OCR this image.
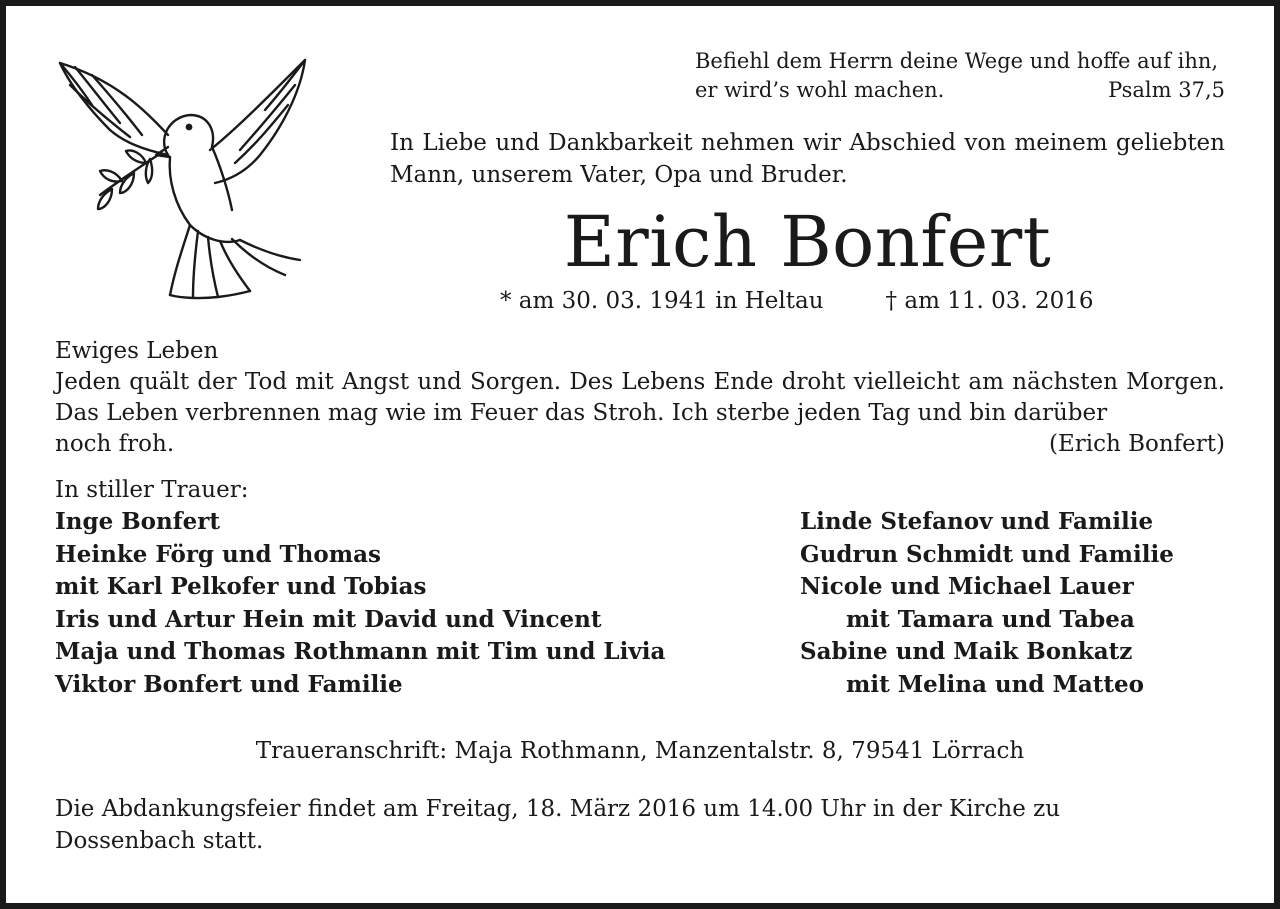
Befiehl dem Herrn deine Wege und hoffe auf ihn,
er wird’s wohl machen.	Psalm 37,5
In Liebe und Dankbarkeit nehmen wir Abschied von meinem geliebten Mann, unserem Vater, Opa und Bruder.
Erich Bonfert
* am 30. 03. 1941 in Heltau	† am 11. 03. 2016
Ewiges Leben
Jeden quält der Tod mit Angst und Sorgen. Des Lebens Ende droht vielleicht am nächsten Morgen. Das Leben verbrennen mag wie im Feuer das Stroh. Ich sterbe jeden Tag und bin darüber
noch froh.	(Erich Bonfert)
In stiller Trauer:
Inge Bonfert
Heinke Förg und Thomas
mit Karl Pelkofer und Tobias
Iris und Artur Hein mit David und Vincent
Maja und Thomas Rothmann mit Tim und Livia
Viktor Bonfert und Familie
Linde Stefanov und Familie
Gudrun Schmidt und Familie
Nicole und Michael Lauer
mit Tamara und Tabea
Sabine und Maik Bonkatz
mit Melina und Matteo
Traueranschrift: Maja Rothmann, Manzentalstr. 8, 79541 Lörrach
Die Abdankungsfeier findet am Freitag, 18. März 2016 um 14.00 Uhr in der Kirche zu Dossenbach statt.
